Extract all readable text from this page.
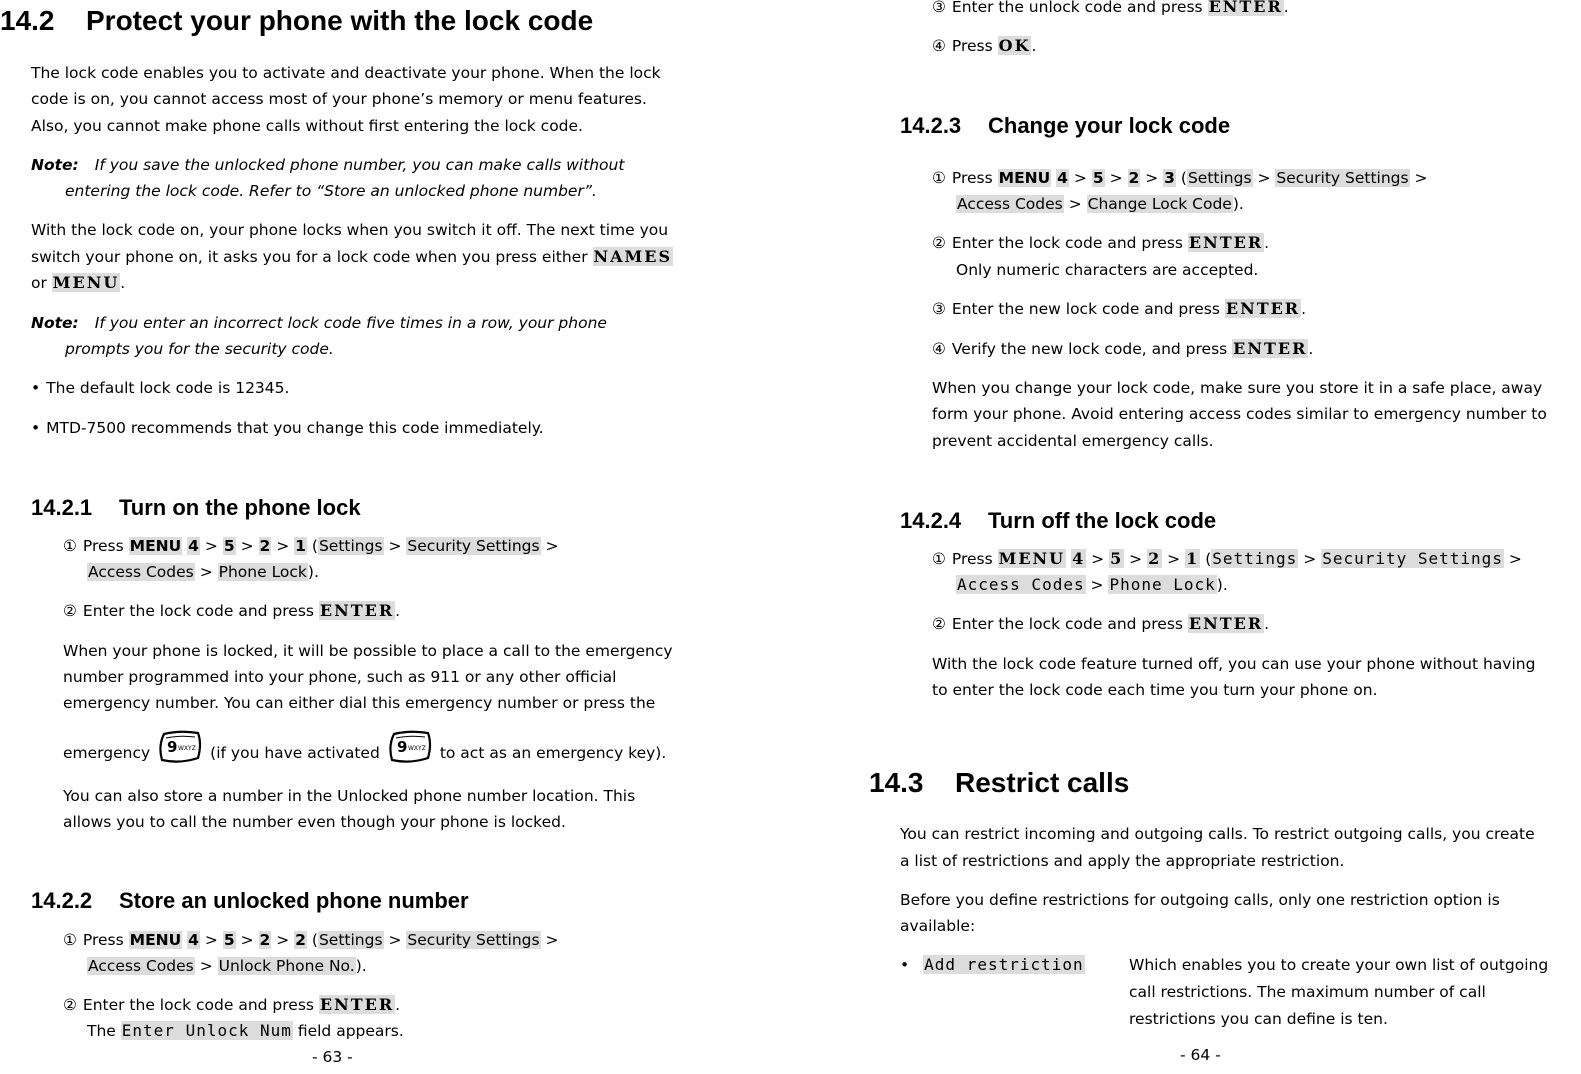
14.2 Protect your phone with the lock code
The lock code enables you to activate and deactivate your phone. When the lock
code is on, you cannot access most of your phone’s memory or menu features.
Also, you cannot make phone calls without first entering the lock code.
Note: If you save the unlocked phone number, you can make calls without
entering the lock code. Refer to “Store an unlocked phone number”.
With the lock code on, your phone locks when you switch it off. The next time you
switch your phone on, it asks you for a lock code when you press either NAMES
or MENU.
Note: If you enter an incorrect lock code five times in a row, your phone
prompts you for the security code.
• The default lock code is 12345.
• MTD-7500 recommends that you change this code immediately.
14.2.1 Turn on the phone lock
① Press MENU 4 > 5 > 2 > 1 (Settings > Security Settings >
Access Codes > Phone Lock).
② Enter the lock code and press ENTER.
When your phone is locked, it will be possible to place a call to the emergency
number programmed into your phone, such as 911 or any other official
emergency number. You can either dial this emergency number or press the
emergency 9 WXYZ (if you have activated 9 WXYZ to act as an emergency key).
You can also store a number in the Unlocked phone number location. This
allows you to call the number even though your phone is locked.
14.2.2 Store an unlocked phone number
① Press MENU 4 > 5 > 2 > 2 (Settings > Security Settings >
Access Codes > Unlock Phone No.).
② Enter the lock code and press ENTER.
The Enter Unlock Num field appears.
- 63 -
③ Enter the unlock code and press ENTER.
④ Press OK.
14.2.3 Change your lock code
① Press MENU 4 > 5 > 2 > 3 (Settings > Security Settings >
Access Codes > Change Lock Code).
② Enter the lock code and press ENTER.
Only numeric characters are accepted.
③ Enter the new lock code and press ENTER.
④ Verify the new lock code, and press ENTER.
When you change your lock code, make sure you store it in a safe place, away
form your phone. Avoid entering access codes similar to emergency number to
prevent accidental emergency calls.
14.2.4 Turn off the lock code
① Press MENU 4 > 5 > 2 > 1 (Settings > Security Settings >
Access Codes > Phone Lock).
② Enter the lock code and press ENTER.
With the lock code feature turned off, you can use your phone without having
to enter the lock code each time you turn your phone on.
14.3 Restrict calls
You can restrict incoming and outgoing calls. To restrict outgoing calls, you create
a list of restrictions and apply the appropriate restriction.
Before you define restrictions for outgoing calls, only one restriction option is
available:
• Add restriction	Which enables you to create your own list of outgoing
call restrictions. The maximum number of call
restrictions you can define is ten.
- 64 -
